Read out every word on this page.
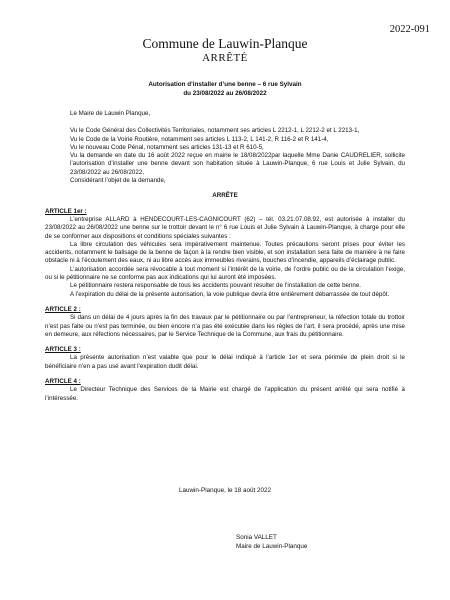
2022-091
Commune de Lauwin-Planque
ARRÊTÉ
Autorisation d’installer d’une benne – 6 rue Sylvain
du 23/08/2022 au 26/08/2022

Le Maire de Lauwin Planque,

Vu le Code Général des Collectivités Territoriales, notamment ses articles L 2212-1, L 2212-2 et L 2213-1,

Vu le Code de la Voirie Routière, notamment ses articles L 113-2, L 141-2, R 116-2 et R 141-4,

Vu le nouveau Code Pénal, notamment ses articles 131-13 et R 610-5,

Vu la demande en date du 16 août 2022 reçue en mairie le 18/08/2022par laquelle Mme Danie CAUDRELIER, sollicite l’autorisation d’installer une benne devant son habitation située à Lauwin-Planque, 6 rue Louis et Julie Sylvain, du 23/08/2022 au 26/08/2022,

Considérant l’objet de la demande,

ARRÊTE

ARTICLE 1er :

L’entreprise ALLARD à HENDECOURT-LES-CAGNICOURT (62) – tél. 03.21.07.08.92, est autorisée à installer du 23/08/2022 au 26/08/2022 une benne sur le trottoir devant le n° 6 rue Louis et Julie Sylvain à Lauwin-Planque, à charge pour elle de se conformer aux dispositions et conditions spéciales suivantes :

La libre circulation des véhicules sera impérativement maintenue. Toutes précautions seront prises pour éviter les accidents, notamment le balisage de la benne de façon à la rendre bien visible, et son installation sera faite de manière à ne faire obstacle ni à l’écoulement des eaux, ni au libre accès aux immeubles riverains, bouches d’incendie, appareils d’éclairage public.

L’autorisation accordée sera révocable à tout moment si l’intérêt de la voirie, de l’ordre public ou de la circulation l’exige, ou si le pétitionnaire ne se conforme pas aux indications qui lui auront été imposées.

Le pétitionnaire restera responsable de tous les accidents pouvant résulter de l’installation de cette benne.

A l’expiration du délai de la présente autorisation, la voie publique devra être entièrement débarrassée de tout dépôt.

ARTICLE 2 :

Si dans un délai de 4 jours après la fin des travaux par le pétitionnaire ou par l’entrepreneur, la réfection totale du trottoir n’est pas faite ou n’est pas terminée, ou bien encore n’a pas été exécutée dans les règles de l’art, il sera procédé, après une mise en demeure, aux réfections nécessaires, par le Service Technique de la Commune, aux frais du pétitionnaire.

ARTICLE 3 :

La présente autorisation n’est valable que pour le délai indiqué à l’article 1er et sera périmée de plein droit si le bénéficiaire n’en a pas usé avant l’expiration dudit délai.

ARTICLE 4 :

Le Directeur Technique des Services de la Mairie est chargé de l’application du présent arrêté qui sera notifié à l’intéressée.

Lauwin-Planque, le 18 août 2022
Sonia VALLET
Maire de Lauwin-Planque
